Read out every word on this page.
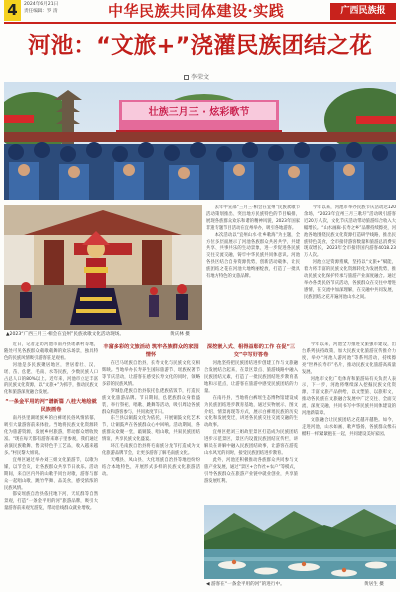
4	2024年6月21日
责任编辑：罗 清	中华民族共同体建设·实践	广西民族报
河池：“文旅+”浇灌民族团结之花
李荣文
壮族三月三 · 炫彩歌节
▲2023“广西三月三·相会在宜州”民族欢歌文化活动现场。	黄庆林 摄

去年中宣部“三月三·相会在宜州”民族欢歌节活动策划推出、突出地方民族特色的节目编排，展现各族群众欢乐和谐的精神风貌，2023年国家非遗专题节目活动在宜州举办，吸引各地游客。

本次活动以“宜州山水·壮乡歌海”为主题，全方位多层面展示了河池各族群众共居共学、共建共享、共事共乐的生动景象，进一步促进各民族交往交流交融，铸牢中华民族共同体意识。河池各县区结合自身资源优势，创新活动载体，让民族团结之花在河池大地绚丽绽放，打造了一批具有地方特色的文旅品牌。

今年以来，河池市举办民族节庆活动达120余场，“2023年宜州三月三歌圩”活动吸引游客近20万人次，文化节庆活动带动旅游综合收入大幅增长。“山水画廊·长寿之乡”品牌持续擦亮，河池各地围绕民族文化资源打造研学线路，推出民族特色美食，全市接待游客数量和旅游总消费实现双增长，2023年全市接待国内游客4018.23万人次。

河池立足资源禀赋，坚持以“文旅+”赋能，着力将丰富的民族文化资源转化为发展优势，推动民族文化保护传承与旅游产业深度融合。通过举办各类民俗节庆活动，各族群众在交往中增进感情，在交流中加深理解，在交融中共同发展，民族团结之花开遍河池山水之间。

近日，记者走访河池市南丹县瑶寨村等地，随处可见各族群众载歌载舞的欢乐场景，独具特色的民族风情吸引游客驻足观看。

河池是多民族聚居地区，世居着壮、汉、瑶、苗、仫佬、毛南、水等民族，少数民族人口占总人口的80%以上。近年来，河池市立足丰富的民族文化资源，以“文旅+”为抓手，推动民族文化和旅游深度融合发展。

“一条金平用的河”谱新篇 八桂大地绘就民族画卷

南丹县里湖瑶族乡的白裤瑶民俗风情浓郁，吸引大量游客前来体验。当地将民族文化资源转化为旅游资源，发展乡村旅游，带动群众增收致富。“现在每天都有游客来寨子里参观，我们通过表演民族歌舞、售卖特色手工艺品，收入越来越多。”村民黎大姐说。

宜州区通过举办刘三姐文化旅游节，以歌为媒，以节会友，让各族群众共享节日欢乐。活动期间，来自区内外的山歌手同台对歌，游客与群众一起唱山歌、跳竹竿舞、品美食，感受浓浓的民族风情。

都安瑶族自治县依托地下河、天坑群等自然景观，打造“一条金平用的河”旅游品牌，吸引大量游客前来观光游览，带动沿线群众就业增收。

丰富多彩的文旅活动 筑牢各族群众的家园情怀

在巴马瑶族自治县，长寿文化与民族文化交相辉映。当地举办长寿养生国际旅游节、瑶族祝著节等节庆活动，让游客在感受长寿文化的同时，领略多彩的民族风情。

罗城仫佬族自治县依托仫佬族依饭节，打造民族文化旅游品牌。节日期间，仫佬族群众身着盛装，举行祭祀、唱歌、跳舞等活动，吸引周边各族群众和游客参与，共同欢度节日。

东兰县以铜鼓文化为依托，开展铜鼓文化艺术节，让铜鼓声在各族群众心中回响。活动期间，各族群众欢聚一堂，敲铜鼓、唱山歌，共叙民族团结情谊，共享民族文化盛宴。

环江毛南族自治县将毛南族分龙节打造成为文化旅游品牌节会，让更多游客了解毛南族文化。

天峨县、凤山县、大化瑶族自治县等地也纷纷结合本地特色，开展形式多样的民族文化旅游活动。

深挖嵌入式、相得益彰的工作 在促“三交”中写好答卷

河池坚持把民族团结进步创建工作与文旅融合发展结合起来，在景区景点、旅游线路中融入民族团结元素，打造了一批民族团结进步教育基地和示范点，让游客在旅游中感受民族团结的力量。

在南丹县，当地将白裤瑶生态博物馆建设成为民族团结进步教育基地，通过实物展示、图文介绍、情景再现等方式，展示白裤瑶民族的历史文化和发展变迁，讲述各民族交往交流交融的生动故事。

宜州区把刘三姐故里景区打造成为民族团结进步示范景区，景区内设置民族团结宣传栏，讲解员在讲解中融入民族团结故事，让游客在游览山水风光的同时，接受民族团结进步教育。

此外，河池还积极推动各族群众共同参与文旅产业发展，通过“景区+合作社+农户”等模式，引导各族群众在旅游产业链中就业创业，共享旅游发展红利。

今年以来，河池全力推进文旅强市建设，出台系列扶持政策，加大民族文化旅游宣传推介力度，举办“河池人游河池”等系列活动，持续擦亮“世界长寿市”名片，推动民族文化旅游高质量发展。

河池市文化广电体育和旅游局有关负责人表示，下一步，河池将继续深入挖掘民族文化资源，丰富文旅产品供给，以文塑旅、以旅彰文，推动各民族在文旅融合发展中广泛交往、全面交流、深度交融，共同书写中华民族共同体建设的河池新篇章。

文旅融合让民族团结之花越开越艳。如今，走进河池，山水如画、歌声悠扬，各族群众像石榴籽一样紧紧抱在一起，共同建设美好家园。

◀ 游客在“一条金平用的河”的进行中。	黄居生 摄
